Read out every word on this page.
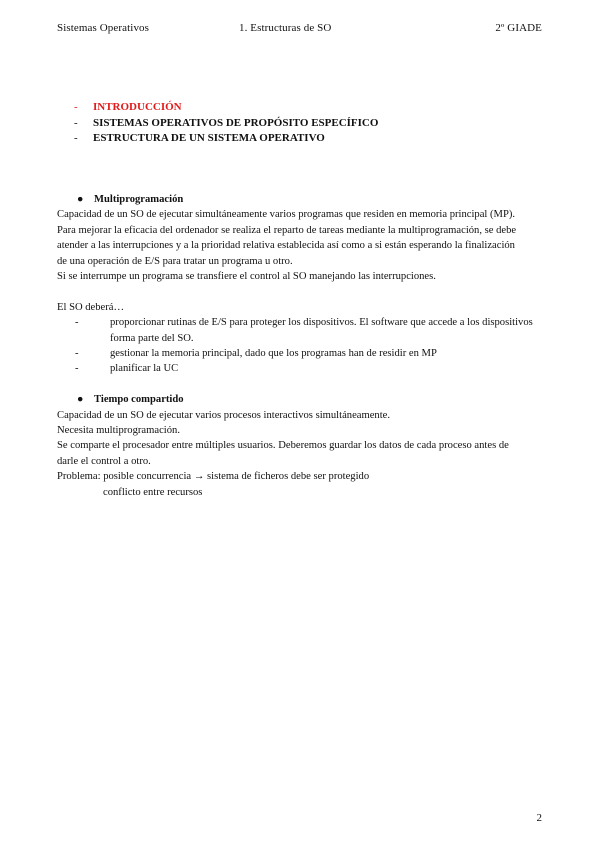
Sistemas Operativos	1. Estructuras de SO	2º GIADE
-	INTRODUCCIÓN
-	SISTEMAS OPERATIVOS DE PROPÓSITO ESPECÍFICO
-	ESTRUCTURA DE UN SISTEMA OPERATIVO
● Multiprogramación

Capacidad de un SO de ejecutar simultáneamente varios programas que residen en memoria principal (MP).

Para mejorar la eficacia del ordenador se realiza el reparto de tareas mediante la multiprogramación, se debe

atender a las interrupciones y a la prioridad relativa establecida así como a si están esperando la finalización

de una operación de E/S para tratar un programa u otro.

Si se interrumpe un programa se transfiere el control al SO manejando las interrupciones.

El SO deberá…

-	proporcionar rutinas de E/S para proteger los dispositivos. El software que accede a los dispositivos forma parte del SO.
-	gestionar la memoria principal, dado que los programas han de residir en MP
-	planificar la UC
● Tiempo compartido

Capacidad de un SO de ejecutar varios procesos interactivos simultáneamente.

Necesita multiprogramación.

Se comparte el procesador entre múltiples usuarios. Deberemos guardar los datos de cada proceso antes de

darle el control a otro.

Problema: posible concurrencia → sistema de ficheros debe ser protegido

conflicto entre recursos

2
